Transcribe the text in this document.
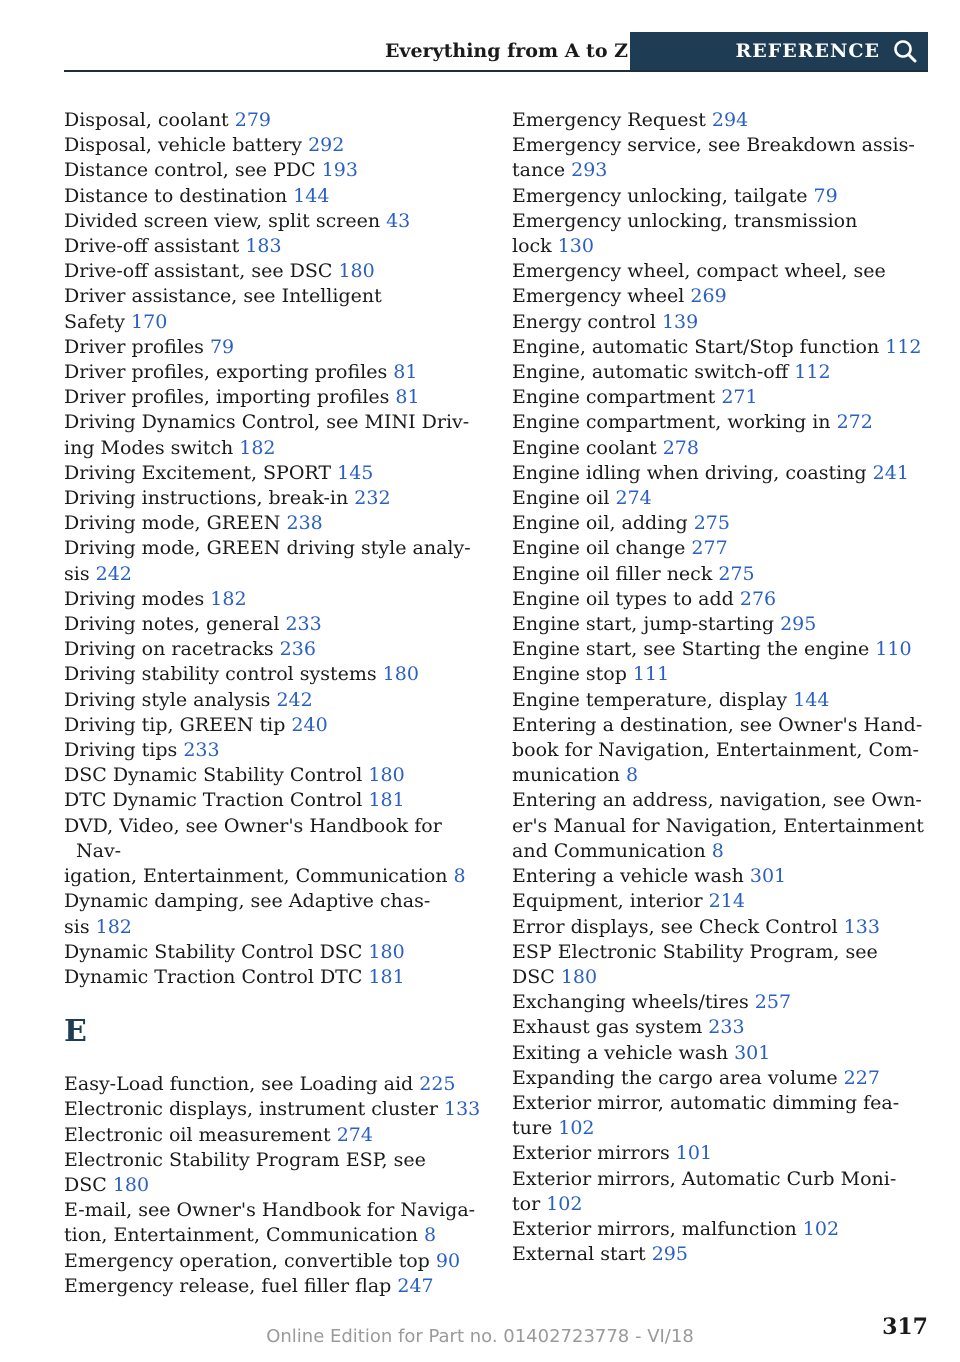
Everything from A to Z	REFERENCE
Disposal, coolant 279
Disposal, vehicle battery 292
Distance control, see PDC 193
Distance to destination 144
Divided screen view, split screen 43
Drive-off assistant 183
Drive-off assistant, see DSC 180
Driver assistance, see Intelligent
Safety 170
Driver profiles 79
Driver profiles, exporting profiles 81
Driver profiles, importing profiles 81
Driving Dynamics Control, see MINI Driv-
ing Modes switch 182
Driving Excitement, SPORT 145
Driving instructions, break-in 232
Driving mode, GREEN 238
Driving mode, GREEN driving style analy-
sis 242
Driving modes 182
Driving notes, general 233
Driving on racetracks 236
Driving stability control systems 180
Driving style analysis 242
Driving tip, GREEN tip 240
Driving tips 233
DSC Dynamic Stability Control 180
DTC Dynamic Traction Control 181
DVD, Video, see Owner's Handbook for Nav-
igation, Entertainment, Communication 8
Dynamic damping, see Adaptive chas-
sis 182
Dynamic Stability Control DSC 180
Dynamic Traction Control DTC 181
E
Easy-Load function, see Loading aid 225
Electronic displays, instrument cluster 133
Electronic oil measurement 274
Electronic Stability Program ESP, see
DSC 180
E-mail, see Owner's Handbook for Naviga-
tion, Entertainment, Communication 8
Emergency operation, convertible top 90
Emergency release, fuel filler flap 247
Emergency Request 294
Emergency service, see Breakdown assis-
tance 293
Emergency unlocking, tailgate 79
Emergency unlocking, transmission
lock 130
Emergency wheel, compact wheel, see
Emergency wheel 269
Energy control 139
Engine, automatic Start/Stop function 112
Engine, automatic switch-off 112
Engine compartment 271
Engine compartment, working in 272
Engine coolant 278
Engine idling when driving, coasting 241
Engine oil 274
Engine oil, adding 275
Engine oil change 277
Engine oil filler neck 275
Engine oil types to add 276
Engine start, jump-starting 295
Engine start, see Starting the engine 110
Engine stop 111
Engine temperature, display 144
Entering a destination, see Owner's Hand-
book for Navigation, Entertainment, Com-
munication 8
Entering an address, navigation, see Own-
er's Manual for Navigation, Entertainment
and Communication 8
Entering a vehicle wash 301
Equipment, interior 214
Error displays, see Check Control 133
ESP Electronic Stability Program, see
DSC 180
Exchanging wheels/tires 257
Exhaust gas system 233
Exiting a vehicle wash 301
Expanding the cargo area volume 227
Exterior mirror, automatic dimming fea-
ture 102
Exterior mirrors 101
Exterior mirrors, Automatic Curb Moni-
tor 102
Exterior mirrors, malfunction 102
External start 295
317
Online Edition for Part no. 01402723778 - VI/18
